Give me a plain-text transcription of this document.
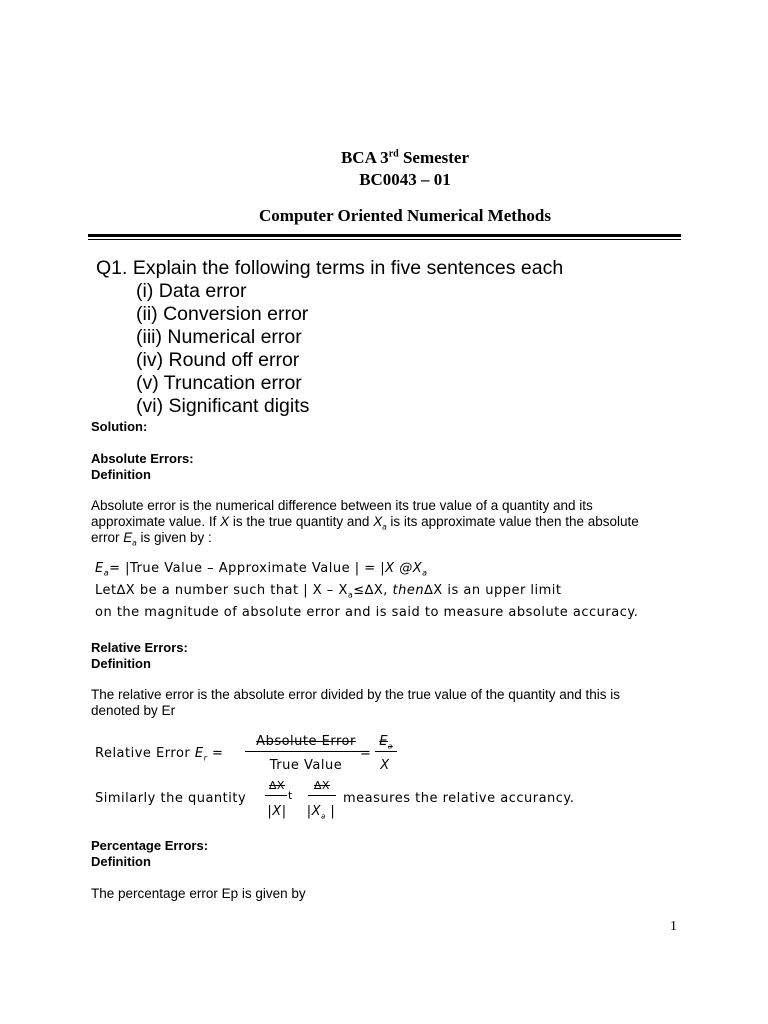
BCA 3rd Semester
BC0043 – 01
Computer Oriented Numerical Methods
Q1. Explain the following terms in five sentences each
(i) Data error
(ii) Conversion error
(iii) Numerical error
(iv) Round off error
(v) Truncation error
(vi) Significant digits
Solution:
Absolute Errors:
Definition
Absolute error is the numerical difference between its true value of a quantity and its
approximate value. If X is the true quantity and $X_a$ is its approximate value then the absolute
error $E_a$ is given by :
$E_a=$ |True Value – Approximate Value | = |X $@X_a$
Let∆X be a number such that | $X - X_a\le\Delta X$, then∆X is an upper limit
on the magnitude of absolute error and is said to measure absolute accuracy.
Relative Errors:
Definition
The relative error is the absolute error divided by the true value of the quantity and this is
denoted by Er
Relative Error $E_r$ =
Absolute Error
True Value
=
$E_a$
X
Similarly the quantity
∆X
t
|X|
∆X
$|X_a$ |
measures the relative accurancy.
Percentage Errors:
Definition
The percentage error Ep is given by
1
